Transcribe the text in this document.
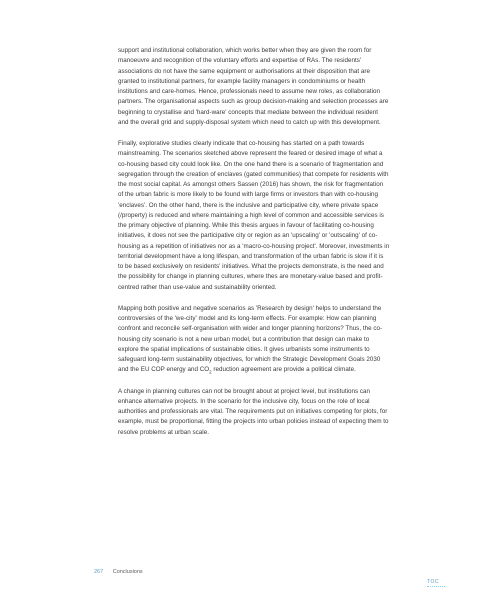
support and institutional collaboration, which works better when they are given the room for manoeuvre and recognition of the voluntary efforts and expertise of RAs. The residents' associations do not have the same equipment or authorisations at their disposition that are granted to institutional partners, for example facility managers in condominiums or health institutions and care-homes. Hence, professionals need to assume new roles, as collaboration partners. The organisational aspects such as group decision-making and selection processes are beginning to crystallise and 'hard-ware' concepts that mediate between the individual resident and the overall grid and supply-disposal system which need to catch up with this development.

Finally, explorative studies clearly indicate that co-housing has started on a path towards mainstreaming. The scenarios sketched above represent the feared or desired image of what a co-housing based city could look like. On the one hand there is a scenario of fragmentation and segregation through the creation of enclaves (gated communities) that compete for residents with the most social capital. As amongst others Sassen (2016) has shown, the risk for fragmentation of the urban fabric is more likely to be found with large firms or investors than with co-housing 'enclaves'. On the other hand, there is the inclusive and participative city, where private space (/property) is reduced and where maintaining a high level of common and accessible services is the primary objective of planning. While this thesis argues in favour of facilitating co-housing initiatives, it does not see the participative city or region as an 'upscaling' or 'outscaling' of co-housing as a repetition of initiatives nor as a 'macro-co-housing project'. Moreover, investments in territorial development have a long lifespan, and transformation of the urban fabric is slow if it is to be based exclusively on residents' initiatives. What the projects demonstrate, is the need and the possibility for change in planning cultures, where thes are monetary-value based and profit-centred rather than use-value and sustainability oriented.

Mapping both positive and negative scenarios as 'Research by design' helps to understand the controversies of the 'we-city' model and its long-term effects. For example: How can planning confront and reconcile self-organisation with wider and longer planning horizons? Thus, the co-housing city scenario is not a new urban model, but a contribution that design can make to explore the spatial implications of sustainable cities. It gives urbanists some instruments to safeguard long-term sustainability objectives, for which the Strategic Development Goals 2030 and the EU COP energy and $CO_2$ reduction agreement are provide a political climate.

A change in planning cultures can not be brought about at project level, but institutions can enhance alternative projects. In the scenario for the inclusive city, focus on the role of local authorities and professionals are vital. The requirements put on initiatives competing for plots, for example, must be proportional, fitting the projects into urban policies instead of expecting them to resolve problems at urban scale.

267 Conclusions
TOC
